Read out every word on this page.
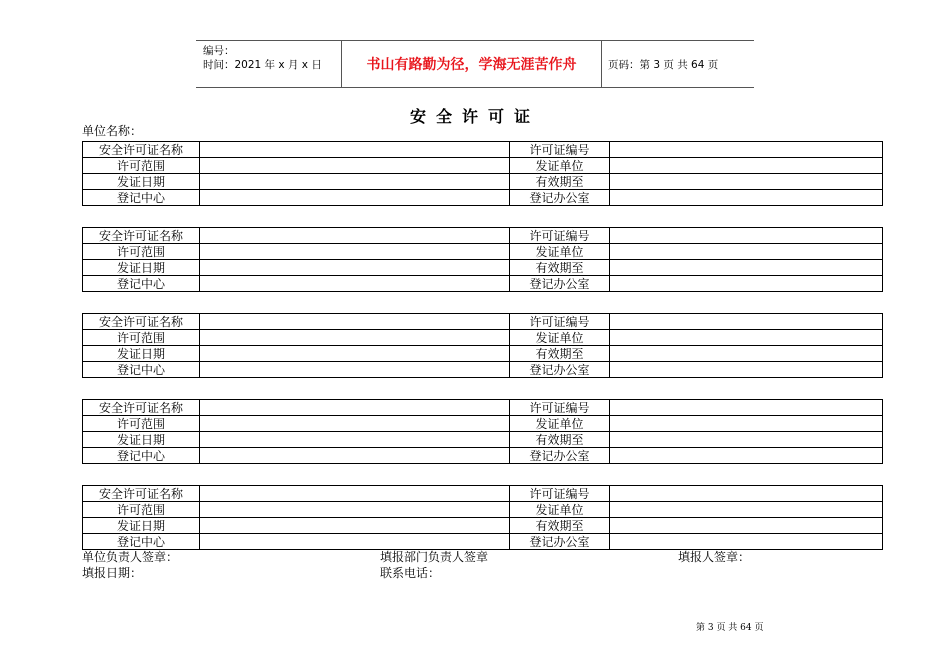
编号：
时间：2021 年 x 月 x 日	书山有路勤为径，学海无涯苦作舟	页码：第 3 页 共 64 页
安全许可证
单位名称：
安全许可证名称		许可证编号	
许可范围		发证单位	
发证日期		有效期至	
登记中心		登记办公室	
安全许可证名称		许可证编号	
许可范围		发证单位	
发证日期		有效期至	
登记中心		登记办公室	
安全许可证名称		许可证编号	
许可范围		发证单位	
发证日期		有效期至	
登记中心		登记办公室	
安全许可证名称		许可证编号	
许可范围		发证单位	
发证日期		有效期至	
登记中心		登记办公室	
安全许可证名称		许可证编号	
许可范围		发证单位	
发证日期		有效期至	
登记中心		登记办公室	
单位负责人签章：	填报部门负责人签章	填报人签章：
填报日期：	联系电话：
第 3 页 共 64 页
